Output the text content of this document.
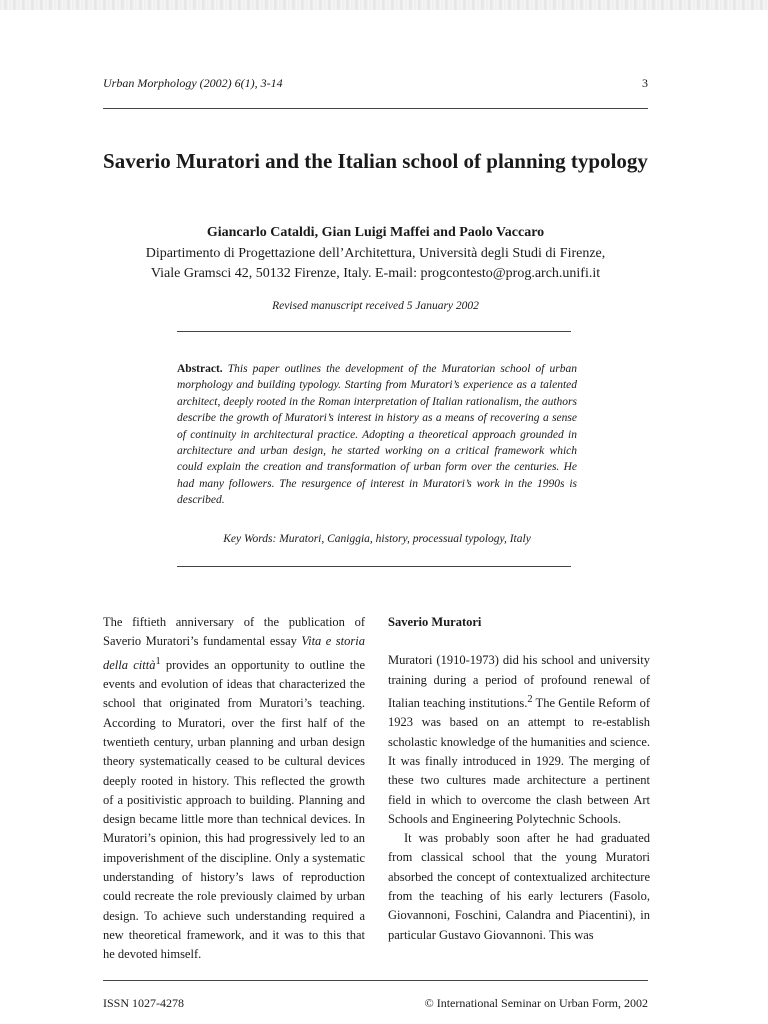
Urban Morphology (2002) 6(1), 3-14	3
Saverio Muratori and the Italian school of planning typology
Giancarlo Cataldi, Gian Luigi Maffei and Paolo Vaccaro
Dipartimento di Progettazione dell’Architettura, Università degli Studi di Firenze,
Viale Gramsci 42, 50132 Firenze, Italy. E-mail: progcontesto@prog.arch.unifi.it
Revised manuscript received 5 January 2002
Abstract. This paper outlines the development of the Muratorian school of urban morphology and building typology. Starting from Muratori’s experience as a talented architect, deeply rooted in the Roman interpretation of Italian rationalism, the authors describe the growth of Muratori’s interest in history as a means of recovering a sense of continuity in architectural practice. Adopting a theoretical approach grounded in architecture and urban design, he started working on a critical framework which could explain the creation and transformation of urban form over the centuries. He had many followers. The resurgence of interest in Muratori’s work in the 1990s is described.
Key Words: Muratori, Caniggia, history, processual typology, Italy

The fiftieth anniversary of the publication of Saverio Muratori’s fundamental essay Vita e storia della città$^1$ provides an opportunity to outline the events and evolution of ideas that characterized the school that originated from Muratori’s teaching. According to Muratori, over the first half of the twentieth century, urban planning and urban design theory systematically ceased to be cultural devices deeply rooted in history. This reflected the growth of a positivistic approach to building. Planning and design became little more than technical devices. In Muratori’s opinion, this had progressively led to an impoverishment of the discipline. Only a systematic understanding of history’s laws of reproduction could recreate the role previously claimed by urban design. To achieve such understanding required a new theoretical framework, and it was to this that he devoted himself.

Saverio Muratori

Muratori (1910-1973) did his school and university training during a period of profound renewal of Italian teaching institutions.$^2$ The Gentile Reform of 1923 was based on an attempt to re-establish scholastic knowledge of the humanities and science. It was finally introduced in 1929. The merging of these two cultures made architecture a pertinent field in which to overcome the clash between Art Schools and Engineering Polytechnic Schools.

It was probably soon after he had graduated from classical school that the young Muratori absorbed the concept of contextualized architecture from the teaching of his early lecturers (Fasolo, Giovannoni, Foschini, Calandra and Piacentini), in particular Gustavo Giovannoni. This was

ISSN 1027-4278	© International Seminar on Urban Form, 2002
